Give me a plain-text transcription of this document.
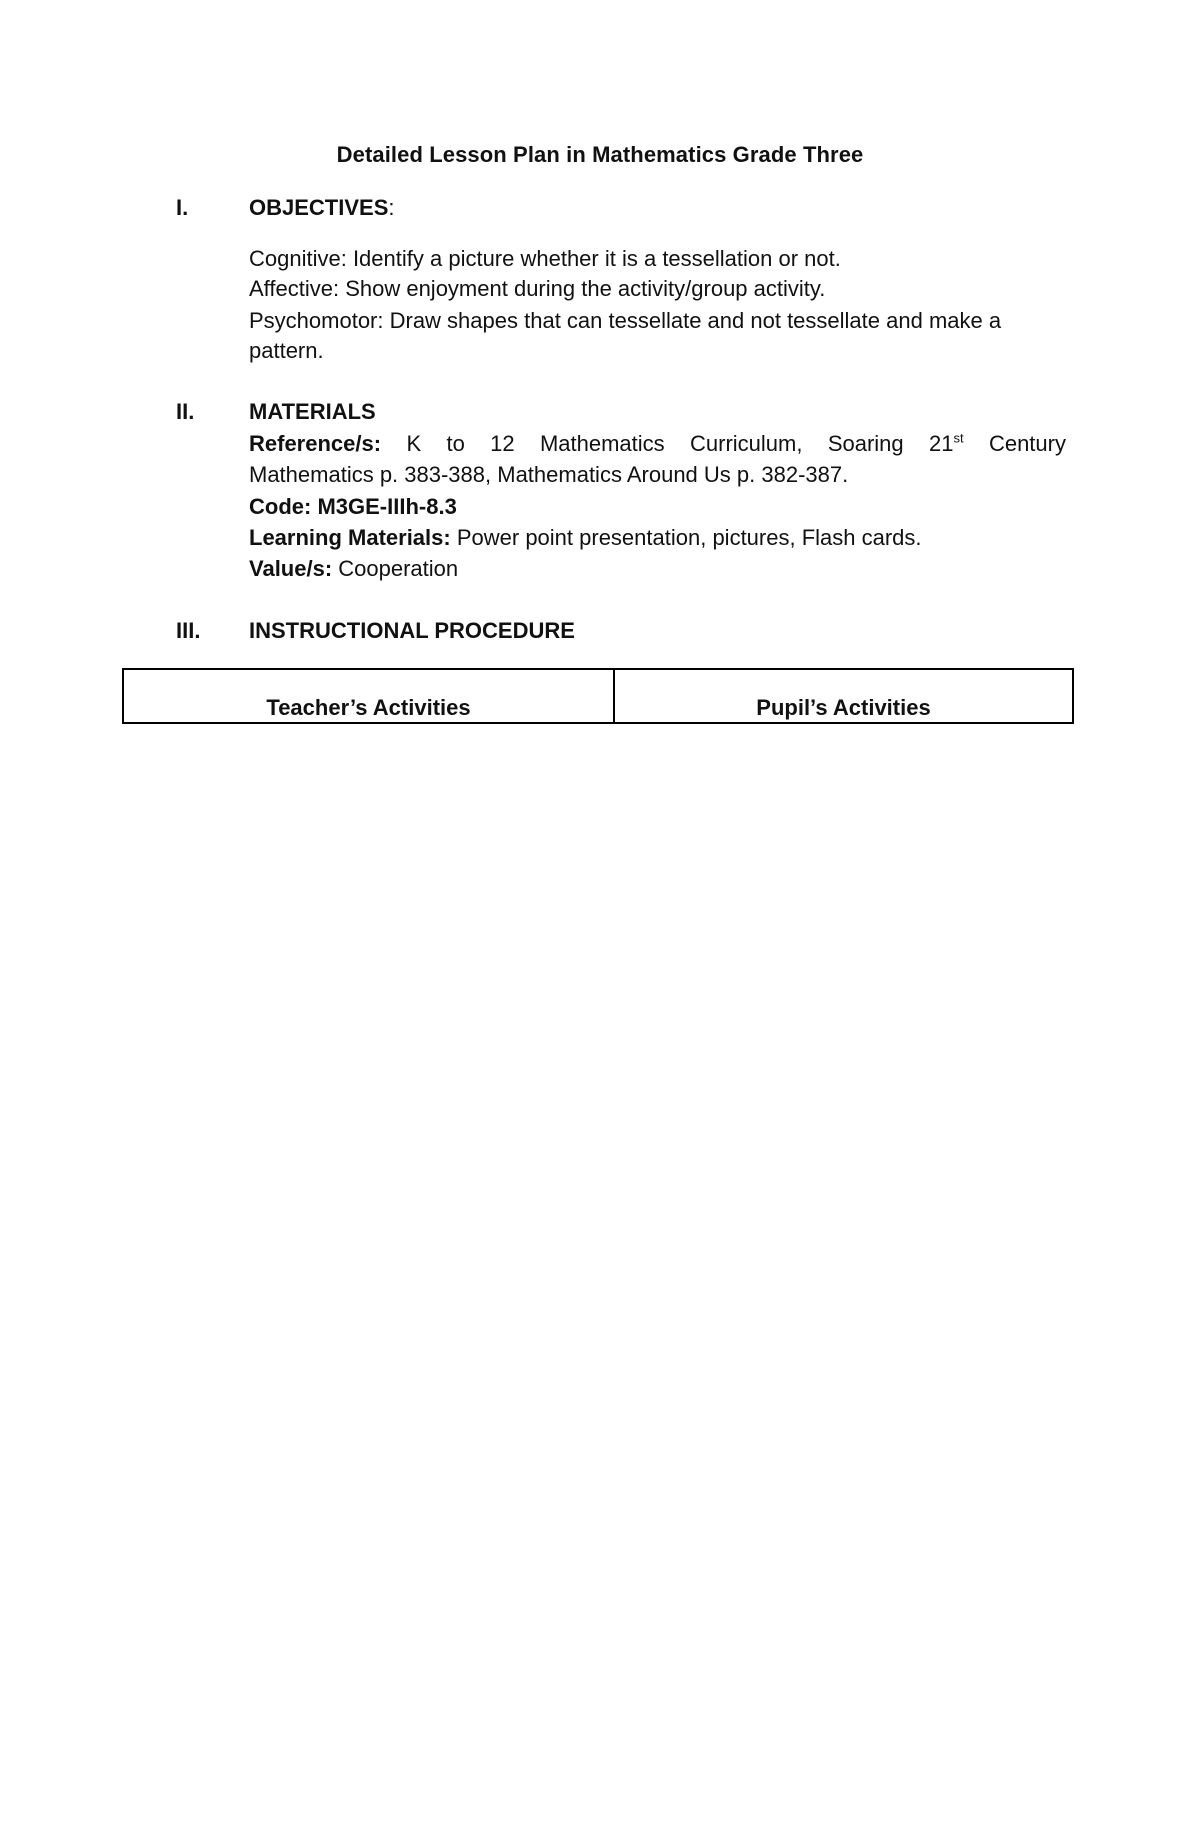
Detailed Lesson Plan in Mathematics Grade Three
I.	OBJECTIVES:
Cognitive: Identify a picture whether it is a tessellation or not.
Affective: Show enjoyment during the activity/group activity.
Psychomotor: Draw shapes that can tessellate and not tessellate and make a
pattern.
II. MATERIALS
Reference/s: K to 12 Mathematics Curriculum, Soaring 21st Century
Mathematics p. 383-388, Mathematics Around Us p. 382-387.
Code: M3GE-IIIh-8.3
Learning Materials: Power point presentation, pictures, Flash cards.
Value/s: Cooperation
III. INSTRUCTIONAL PROCEDURE
Teacher’s Activities	Pupil’s Activities
